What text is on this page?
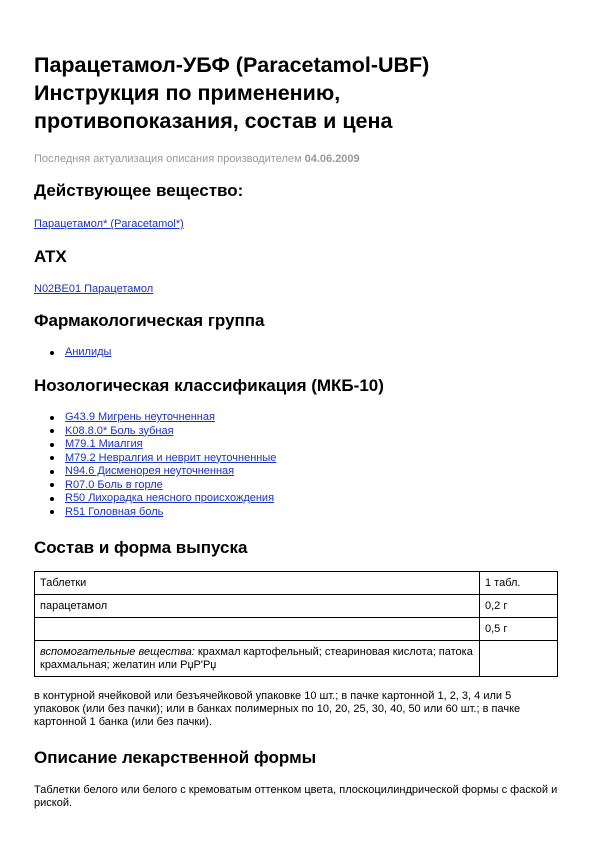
Парацетамол-УБФ (Paracetamol-UBF)
Инструкция по применению,
противопоказания, состав и цена
Последняя актуализация описания производителем 04.06.2009
Действующее вещество:
Парацетамол* (Paracetamol*)
ATX
N02BE01 Парацетамол
Фармакологическая группа
Анилиды
Нозологическая классификация (МКБ-10)
G43.9 Мигрень неуточненная
K08.8.0* Боль зубная
M79.1 Миалгия
M79.2 Невралгия и неврит неуточненные
N94.6 Дисменорея неуточненная
R07.0 Боль в горле
R50 Лихорадка неясного происхождения
R51 Головная боль
Состав и форма выпуска
Таблетки	1 табл.
парацетамол	0,2 г
	0,5 г
вспомогательные вещества: крахмал картофельный; стеариновая кислота; патока крахмальная; желатин или РџР'Рџ	

в контурной ячейковой или безъячейковой упаковке 10 шт.; в пачке картонной 1, 2, 3, 4 или 5 упаковок (или без пачки); или в банках полимерных по 10, 20, 25, 30, 40, 50 или 60 шт.; в пачке картонной 1 банка (или без пачки).

Описание лекарственной формы

Таблетки белого или белого с кремоватым оттенком цвета, плоскоцилиндрической формы с фаской и риской.
